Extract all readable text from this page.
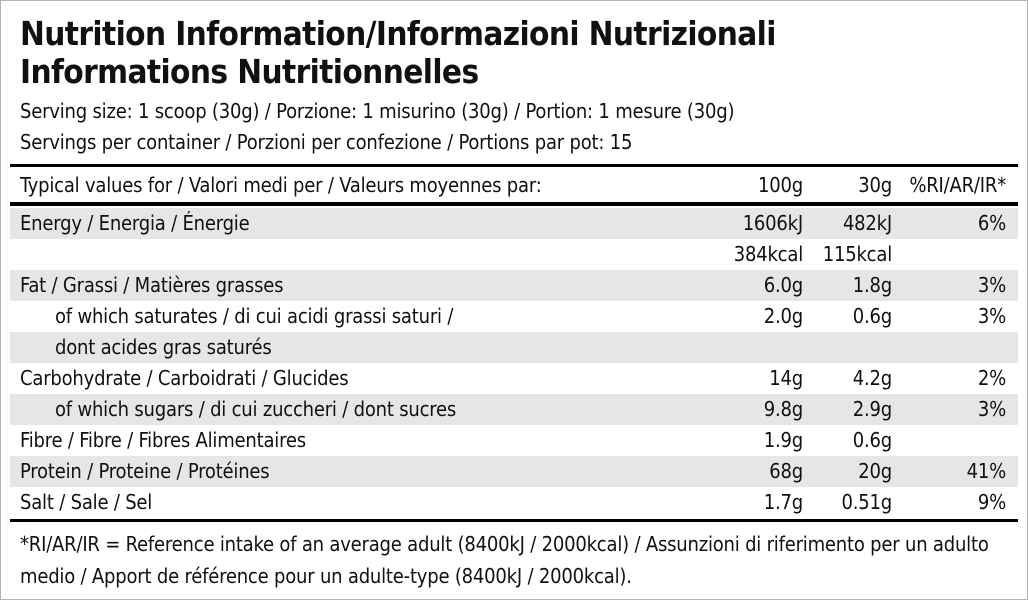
Nutrition Information/Informazioni Nutrizionali
Informations Nutritionnelles
Serving size: 1 scoop (30g) / Porzione: 1 misurino (30g) / Portion: 1 mesure (30g)
Servings per container / Porzioni per confezione / Portions par pot: 15
Typical values for / Valori medi per / Valeurs moyennes par:	100g	30g %RI/AR/IR*
Energy / Energia / Énergie	1606kJ 482kJ	6%
384kcal 115kcal
Fat / Grassi / Matières grasses	6.0g 1.8g	3%
of which saturates / di cui acidi grassi saturi /	2.0g 0.6g	3%
dont acides gras saturés
Carbohydrate / Carboidrati / Glucides	14g 4.2g	2%
of which sugars / di cui zuccheri / dont sucres	9.8g 2.9g	3%
Fibre / Fibre / Fibres Alimentaires	1.9g 0.6g
Protein / Proteine / Protéines	68g	20g	41%
Salt / Sale / Sel	1.7g 0.51g	9%
*RI/AR/IR = Reference intake of an average adult (8400kJ / 2000kcal) / Assunzioni di riferimento per un adulto
medio / Apport de référence pour un adulte-type (8400kJ / 2000kcal).
